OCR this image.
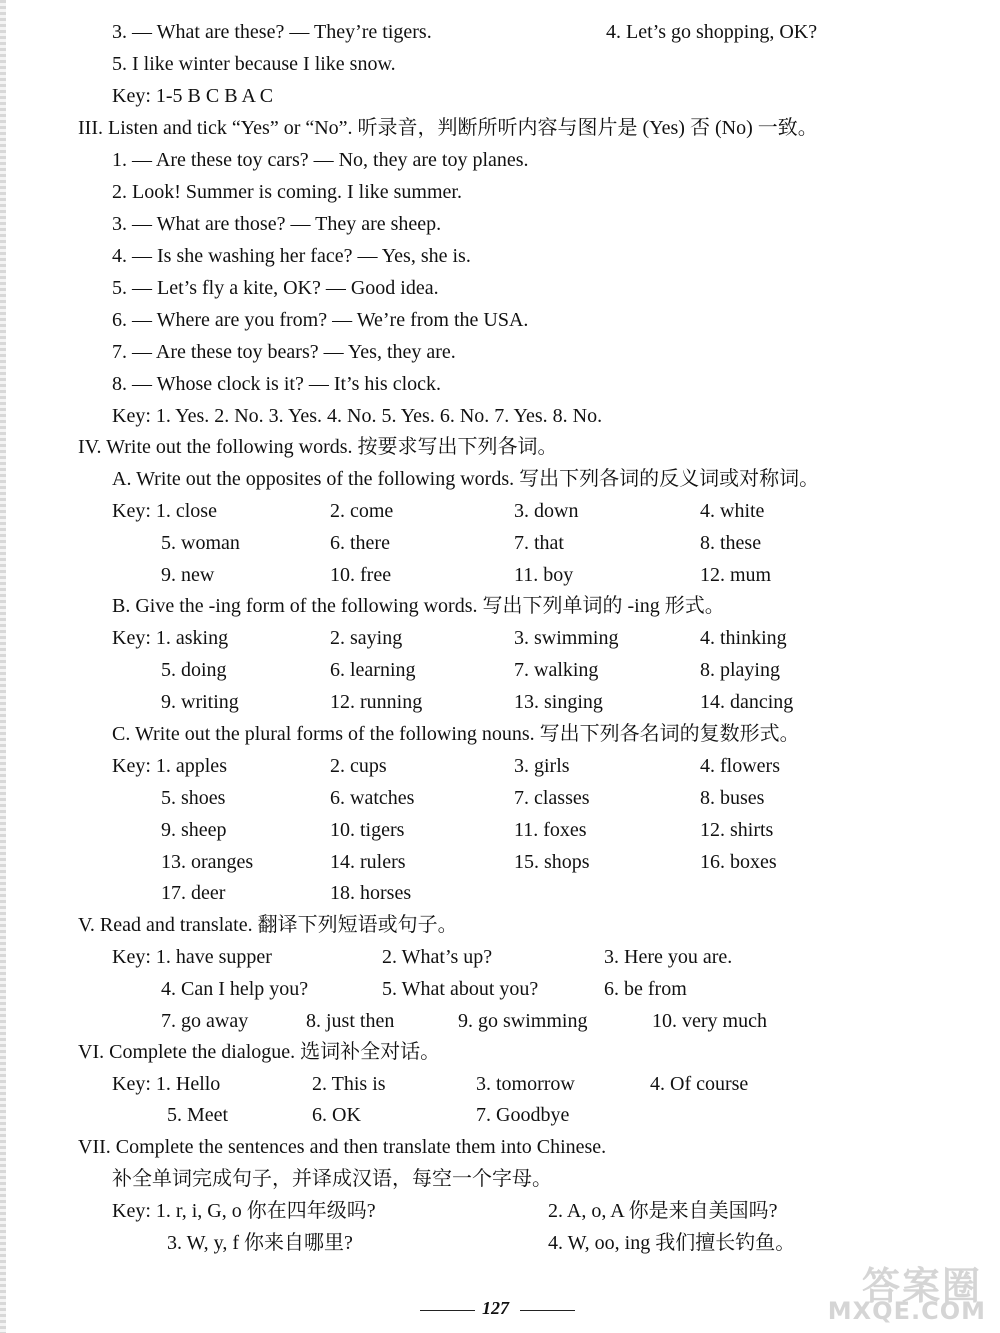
3. — What are these? — They’re tigers.	4. Let’s go shopping, OK?
5. I like winter because I like snow.
Key: 1-5 B C B A C
III. Listen and tick “Yes” or “No”. 听录音，判断所听内容与图片是 (Yes) 否 (No) 一致。
1. — Are these toy cars? — No, they are toy planes.
2. Look! Summer is coming. I like summer.
3. — What are those? — They are sheep.
4. — Is she washing her face? — Yes, she is.
5. — Let’s fly a kite, OK? — Good idea.
6. — Where are you from? — We’re from the USA.
7. — Are these toy bears? — Yes, they are.
8. — Whose clock is it? — It’s his clock.
Key: 1. Yes. 2. No. 3. Yes. 4. No. 5. Yes. 6. No. 7. Yes. 8. No.
IV. Write out the following words. 按要求写出下列各词。
A. Write out the opposites of the following words. 写出下列各词的反义词或对称词。
Key: 1. close	2. come	3. down	4. white
5. woman	6. there	7. that	8. these
9. new	10. free	11. boy	12. mum
B. Give the -ing form of the following words. 写出下列单词的 -ing 形式。
Key: 1. asking	2. saying	3. swimming	4. thinking
5. doing	6. learning	7. walking	8. playing
9. writing	12. running	13. singing	14. dancing
C. Write out the plural forms of the following nouns. 写出下列各名词的复数形式。
Key: 1. apples	2. cups	3. girls	4. flowers
5. shoes	6. watches	7. classes	8. buses
9. sheep	10. tigers	11. foxes	12. shirts
13. oranges	14. rulers	15. shops	16. boxes
17. deer	18. horses
V. Read and translate. 翻译下列短语或句子。
Key: 1. have supper	2. What’s up?	3. Here you are.
4. Can I help you?	5. What about you?	6. be from
7. go away	8. just then	9. go swimming	10. very much
VI. Complete the dialogue. 选词补全对话。
Key: 1. Hello	2. This is	3. tomorrow	4. Of course
5. Meet	6. OK	7. Goodbye
VII. Complete the sentences and then translate them into Chinese.
补全单词完成句子，并译成汉语，每空一个字母。
Key: 1. r, i, G, o 你在四年级吗?	2. A, o, A 你是来自美国吗?
3. W, y, f 你来自哪里?	4. W, oo, ing 我们擅长钓鱼。
127	答案圈
MXQE.COM
